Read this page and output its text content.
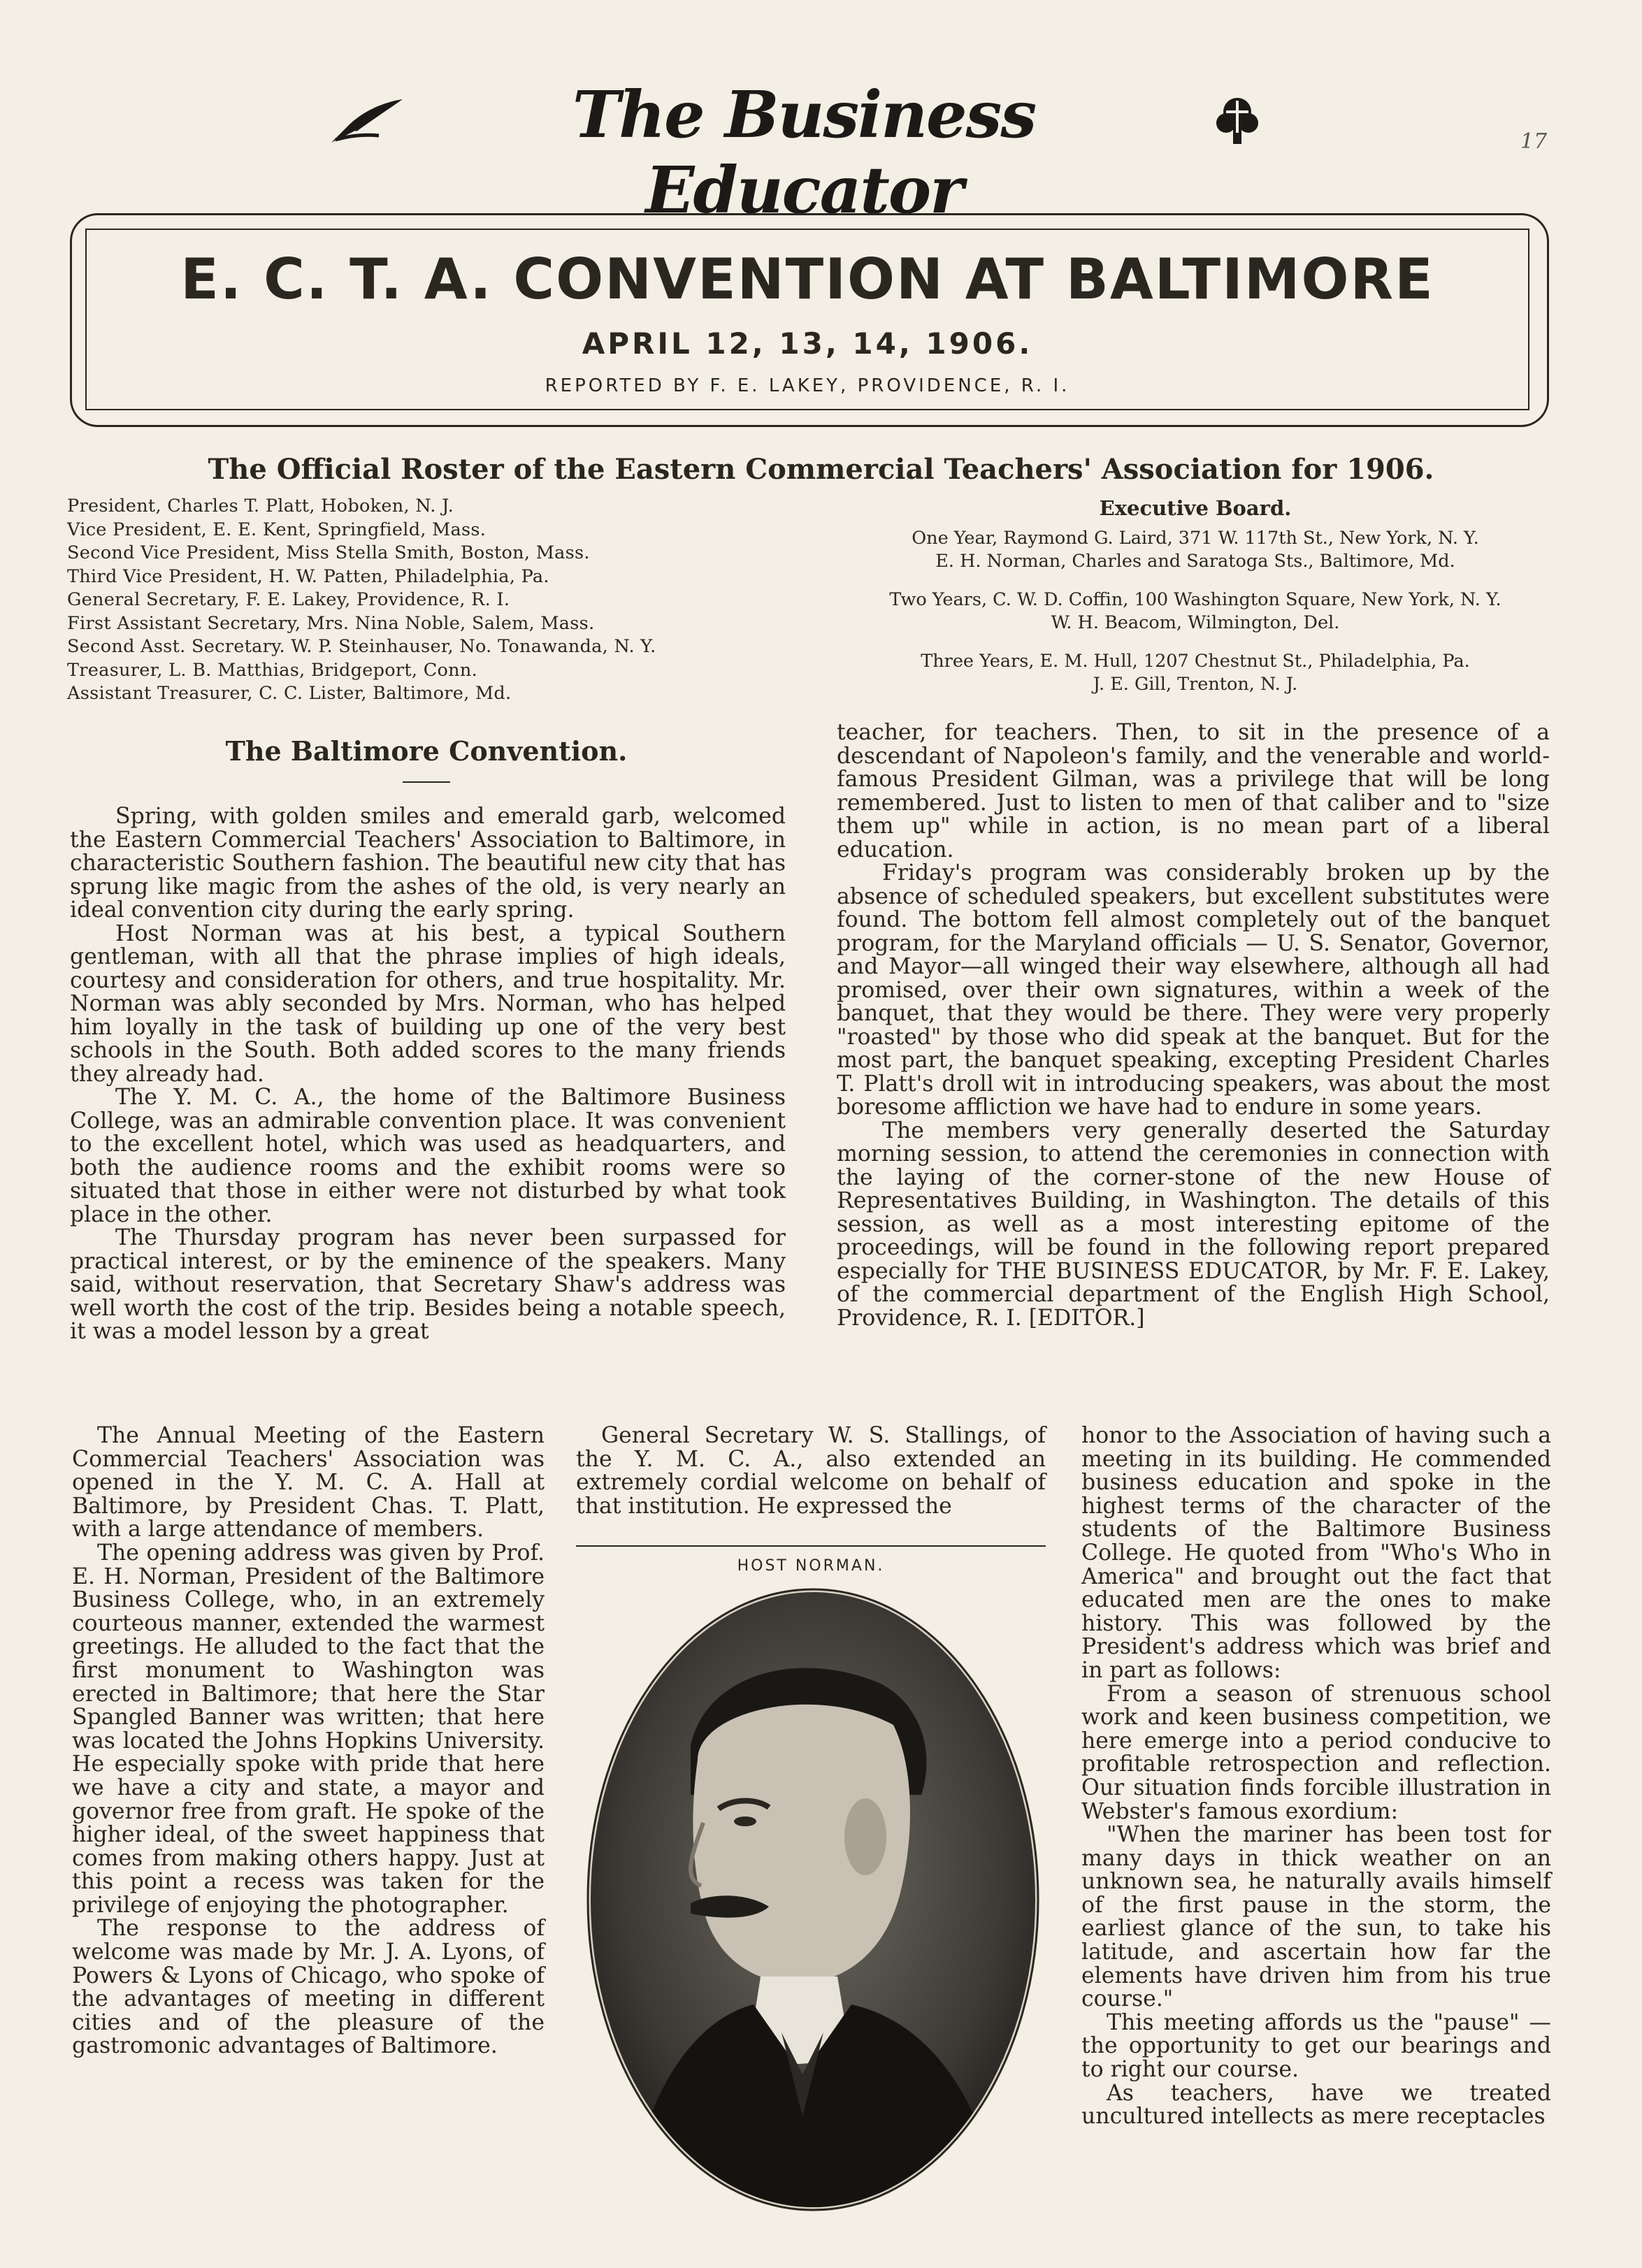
The Business Educator
17
E. C. T. A. CONVENTION AT BALTIMORE
APRIL 12, 13, 14, 1906.
REPORTED BY F. E. LAKEY, PROVIDENCE, R. I.
The Official Roster of the Eastern Commercial Teachers' Association for 1906.
President, Charles T. Platt, Hoboken, N. J.
Vice President, E. E. Kent, Springfield, Mass.
Second Vice President, Miss Stella Smith, Boston, Mass.
Third Vice President, H. W. Patten, Philadelphia, Pa.
General Secretary, F. E. Lakey, Providence, R. I.
First Assistant Secretary, Mrs. Nina Noble, Salem, Mass.
Second Asst. Secretary. W. P. Steinhauser, No. Tonawanda, N. Y.
Treasurer, L. B. Matthias, Bridgeport, Conn.
Assistant Treasurer, C. C. Lister, Baltimore, Md.
Executive Board.
One Year, Raymond G. Laird, 371 W. 117th St., New York, N. Y.
E. H. Norman, Charles and Saratoga Sts., Baltimore, Md.
Two Years, C. W. D. Coffin, 100 Washington Square, New York, N. Y.
W. H. Beacom, Wilmington, Del.
Three Years, E. M. Hull, 1207 Chestnut St., Philadelphia, Pa.
J. E. Gill, Trenton, N. J.
The Baltimore Convention.

Spring, with golden smiles and emerald garb, welcomed the Eastern Commercial Teachers' Association to Baltimore, in characteristic Southern fashion. The beautiful new city that has sprung like magic from the ashes of the old, is very nearly an ideal convention city during the early spring.

Host Norman was at his best, a typical Southern gentleman, with all that the phrase implies of high ideals, courtesy and consideration for others, and true hospitality. Mr. Norman was ably seconded by Mrs. Norman, who has helped him loyally in the task of building up one of the very best schools in the South. Both added scores to the many friends they already had.

The Y. M. C. A., the home of the Baltimore Business College, was an admirable convention place. It was convenient to the excellent hotel, which was used as headquarters, and both the audience rooms and the exhibit rooms were so situated that those in either were not disturbed by what took place in the other.

The Thursday program has never been surpassed for practical interest, or by the eminence of the speakers. Many said, without reservation, that Secretary Shaw's address was well worth the cost of the trip. Besides being a notable speech, it was a model lesson by a great

teacher, for teachers. Then, to sit in the presence of a descendant of Napoleon's family, and the venerable and world-famous President Gilman, was a privilege that will be long remembered. Just to listen to men of that caliber and to "size them up" while in action, is no mean part of a liberal education.

Friday's program was considerably broken up by the absence of scheduled speakers, but excellent substitutes were found. The bottom fell almost completely out of the banquet program, for the Maryland officials — U. S. Senator, Governor, and Mayor—all winged their way elsewhere, although all had promised, over their own signatures, within a week of the banquet, that they would be there. They were very properly "roasted" by those who did speak at the banquet. But for the most part, the banquet speaking, excepting President Charles T. Platt's droll wit in introducing speakers, was about the most boresome affliction we have had to endure in some years.

The members very generally deserted the Saturday morning session, to attend the ceremonies in connection with the laying of the corner-stone of the new House of Representatives Building, in Washington. The details of this session, as well as a most interesting epitome of the proceedings, will be found in the following report prepared especially for THE BUSINESS EDUCATOR, by Mr. F. E. Lakey, of the commercial department of the English High School, Providence, R. I. [EDITOR.]

The Annual Meeting of the Eastern Commercial Teachers' Association was opened in the Y. M. C. A. Hall at Baltimore, by President Chas. T. Platt, with a large attendance of members.

The opening address was given by Prof. E. H. Norman, President of the Baltimore Business College, who, in an extremely courteous manner, extended the warmest greetings. He alluded to the fact that the first monument to Washington was erected in Baltimore; that here the Star Spangled Banner was written; that here was located the Johns Hopkins University. He especially spoke with pride that here we have a city and state, a mayor and governor free from graft. He spoke of the higher ideal, of the sweet happiness that comes from making others happy. Just at this point a recess was taken for the privilege of enjoying the photographer.

The response to the address of welcome was made by Mr. J. A. Lyons, of Powers & Lyons of Chicago, who spoke of the advantages of meeting in different cities and of the pleasure of the gastromonic advantages of Baltimore.

General Secretary W. S. Stallings, of the Y. M. C. A., also extended an extremely cordial welcome on behalf of that institution. He expressed the

HOST NORMAN.

honor to the Association of having such a meeting in its building. He commended business education and spoke in the highest terms of the character of the students of the Baltimore Business College. He quoted from "Who's Who in America" and brought out the fact that educated men are the ones to make history. This was followed by the President's address which was brief and in part as follows:

From a season of strenuous school work and keen business competition, we here emerge into a period conducive to profitable retrospection and reflection. Our situation finds forcible illustration in Webster's famous exordium:

"When the mariner has been tost for many days in thick weather on an unknown sea, he naturally avails himself of the first pause in the storm, the earliest glance of the sun, to take his latitude, and ascertain how far the elements have driven him from his true course."

This meeting affords us the "pause" — the opportunity to get our bearings and to right our course.

As teachers, have we treated uncultured intellects as mere receptacles
